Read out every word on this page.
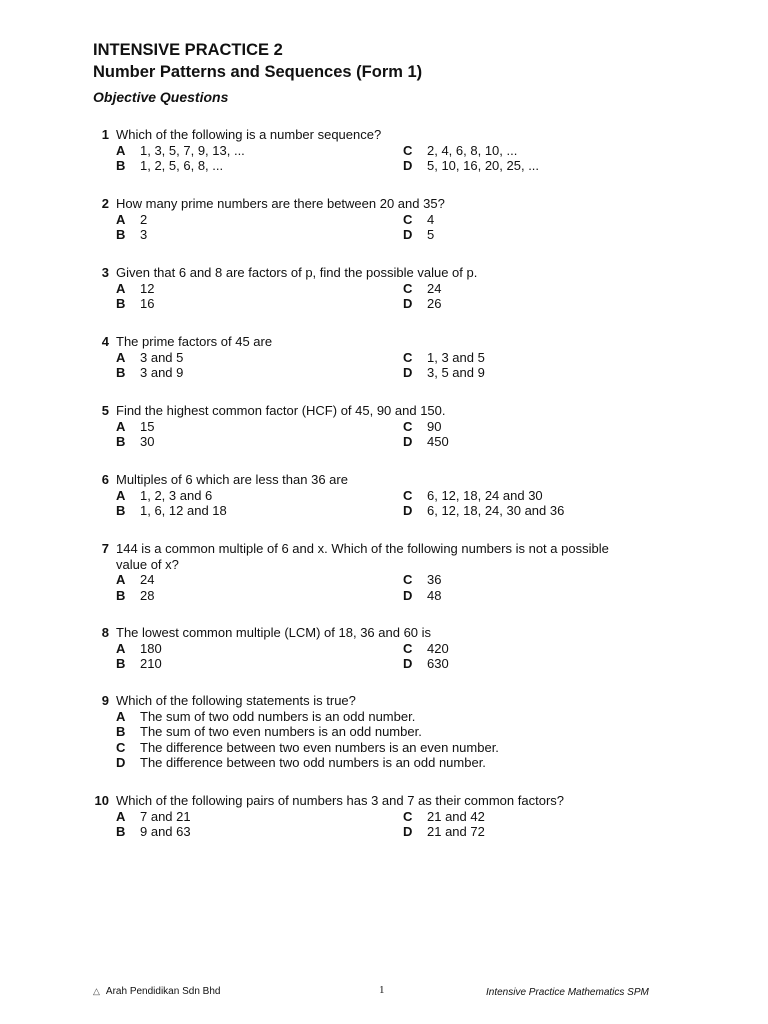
INTENSIVE PRACTICE 2
Number Patterns and Sequences (Form 1)
Objective Questions
1 Which of the following is a number sequence?
A 1, 3, 5, 7, 9, 13, ...	C 2, 4, 6, 8, 10, ...
B 1, 2, 5, 6, 8, ...	D 5, 10, 16, 20, 25, ...
2 How many prime numbers are there between 20 and 35?
A 2	C 4
B 3	D 5
3 Given that 6 and 8 are factors of p, find the possible value of p.
A 12	C 24
B 16	D 26
4 The prime factors of 45 are
A 3 and 5	C 1, 3 and 5
B 3 and 9	D 3, 5 and 9
5 Find the highest common factor (HCF) of 45, 90 and 150.
A 15	C 90
B 30	D 450
6 Multiples of 6 which are less than 36 are
A 1, 2, 3 and 6	C 6, 12, 18, 24 and 30
B 1, 6, 12 and 18	D 6, 12, 18, 24, 30 and 36
7 144 is a common multiple of 6 and x. Which of the following numbers is not a possible
value of x?
A 24	C 36
B 28	D 48
8 The lowest common multiple (LCM) of 18, 36 and 60 is
A 180	C 420
B 210	D 630
9 Which of the following statements is true?
A The sum of two odd numbers is an odd number.
B The sum of two even numbers is an odd number.
C The difference between two even numbers is an even number.
D The difference between two odd numbers is an odd number.
10 Which of the following pairs of numbers has 3 and 7 as their common factors?
A 7 and 21	C 21 and 42
B 9 and 63	D 21 and 72
△ Arah Pendidikan Sdn Bhd	1	Intensive Practice Mathematics SPM
